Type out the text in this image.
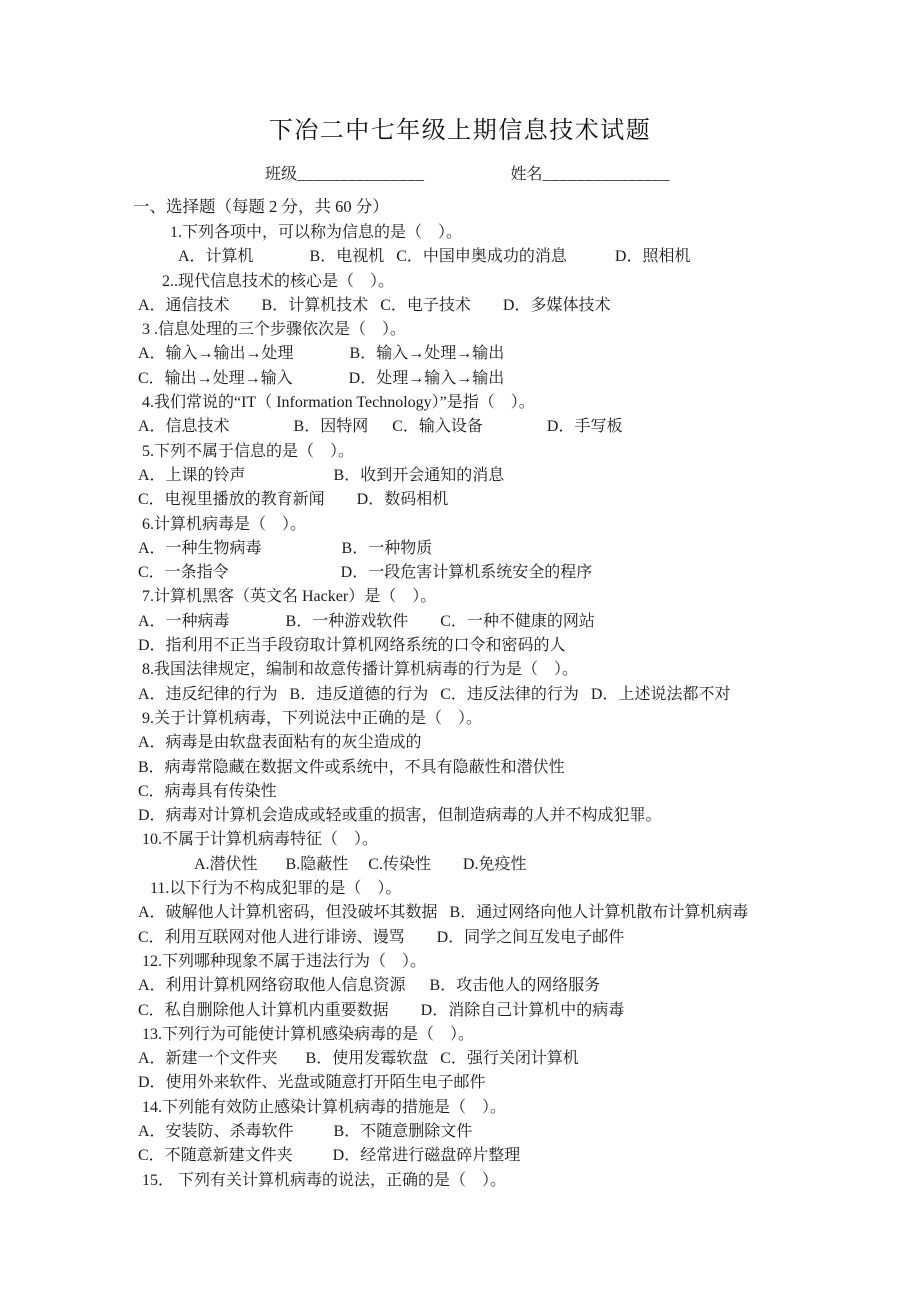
下冶二中七年级上期信息技术试题
班级_______________	姓名_______________
一、选择题（每题 2 分，共 60 分）
1.下列各项中，可以称为信息的是（　）。
A．计算机              B．电视机   C．中国申奥成功的消息            D．照相机
2..现代信息技术的核心是（　）。
A．通信技术        B．计算机技术   C．电子技术        D．多媒体技术
3 .信息处理的三个步骤依次是（　）。
A．输入→输出→处理              B．输入→处理→输出
C．输出→处理→输入              D．处理→输入→输出
4.我们常说的“IT（ Information Technology）”是指（　）。
A．信息技术                B．因特网      C．输入设备                D．手写板
5.下列不属于信息的是（　）。
A．上课的铃声                      B．收到开会通知的消息
C．电视里播放的教育新闻        D．数码相机
6.计算机病毒是（　）。
A．一种生物病毒                    B．一种物质
C．一条指令                            D．一段危害计算机系统安全的程序
7.计算机黑客（英文名 Hacker）是（　）。
A．一种病毒              B．一种游戏软件        C．一种不健康的网站
D．指利用不正当手段窃取计算机网络系统的口令和密码的人
8.我国法律规定，编制和故意传播计算机病毒的行为是（　）。
A．违反纪律的行为   B．违反道德的行为   C．违反法律的行为   D．上述说法都不对
9.关于计算机病毒，下列说法中正确的是（　）。
A．病毒是由软盘表面粘有的灰尘造成的
B．病毒常隐藏在数据文件或系统中，不具有隐蔽性和潜伏性
C．病毒具有传染性
D．病毒对计算机会造成或轻或重的损害，但制造病毒的人并不构成犯罪。
10.不属于计算机病毒特征（　）。
A.潜伏性       B.隐蔽性     C.传染性        D.免疫性
11.以下行为不构成犯罪的是（　）。
A．破解他人计算机密码，但没破坏其数据   B．通过网络向他人计算机散布计算机病毒
C．利用互联网对他人进行诽谤、谩骂        D．同学之间互发电子邮件
12.下列哪种现象不属于违法行为（　）。
A．利用计算机网络窃取他人信息资源      B．攻击他人的网络服务
C．私自删除他人计算机内重要数据        D．消除自己计算机中的病毒
13.下列行为可能使计算机感染病毒的是（　）。
A．新建一个文件夹       B．使用发霉软盘   C．强行关闭计算机
D．使用外来软件、光盘或随意打开陌生电子邮件
14.下列能有效防止感染计算机病毒的措施是（　）。
A．安装防、杀毒软件          B．不随意删除文件
C．不随意新建文件夹          D．经常进行磁盘碎片整理
15． 下列有关计算机病毒的说法，正确的是（　）。
